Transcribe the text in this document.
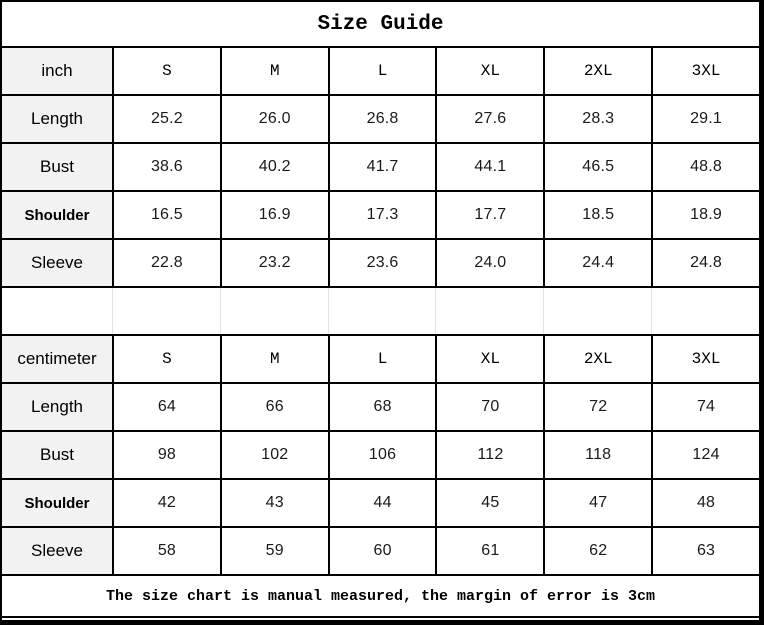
Size Guide
inch	S	M	L	XL	2XL	3XL
Length	25.2	26.0	26.8	27.6	28.3	29.1
Bust	38.6	40.2	41.7	44.1	46.5	48.8
Shoulder	16.5	16.9	17.3	17.7	18.5	18.9
Sleeve	22.8	23.2	23.6	24.0	24.4	24.8
centimeter	S	M	L	XL	2XL	3XL
Length	64	66	68	70	72	74
Bust	98	102	106	112	118	124
Shoulder	42	43	44	45	47	48
Sleeve	58	59	60	61	62	63
The size chart is manual measured, the margin of error is 3cm
